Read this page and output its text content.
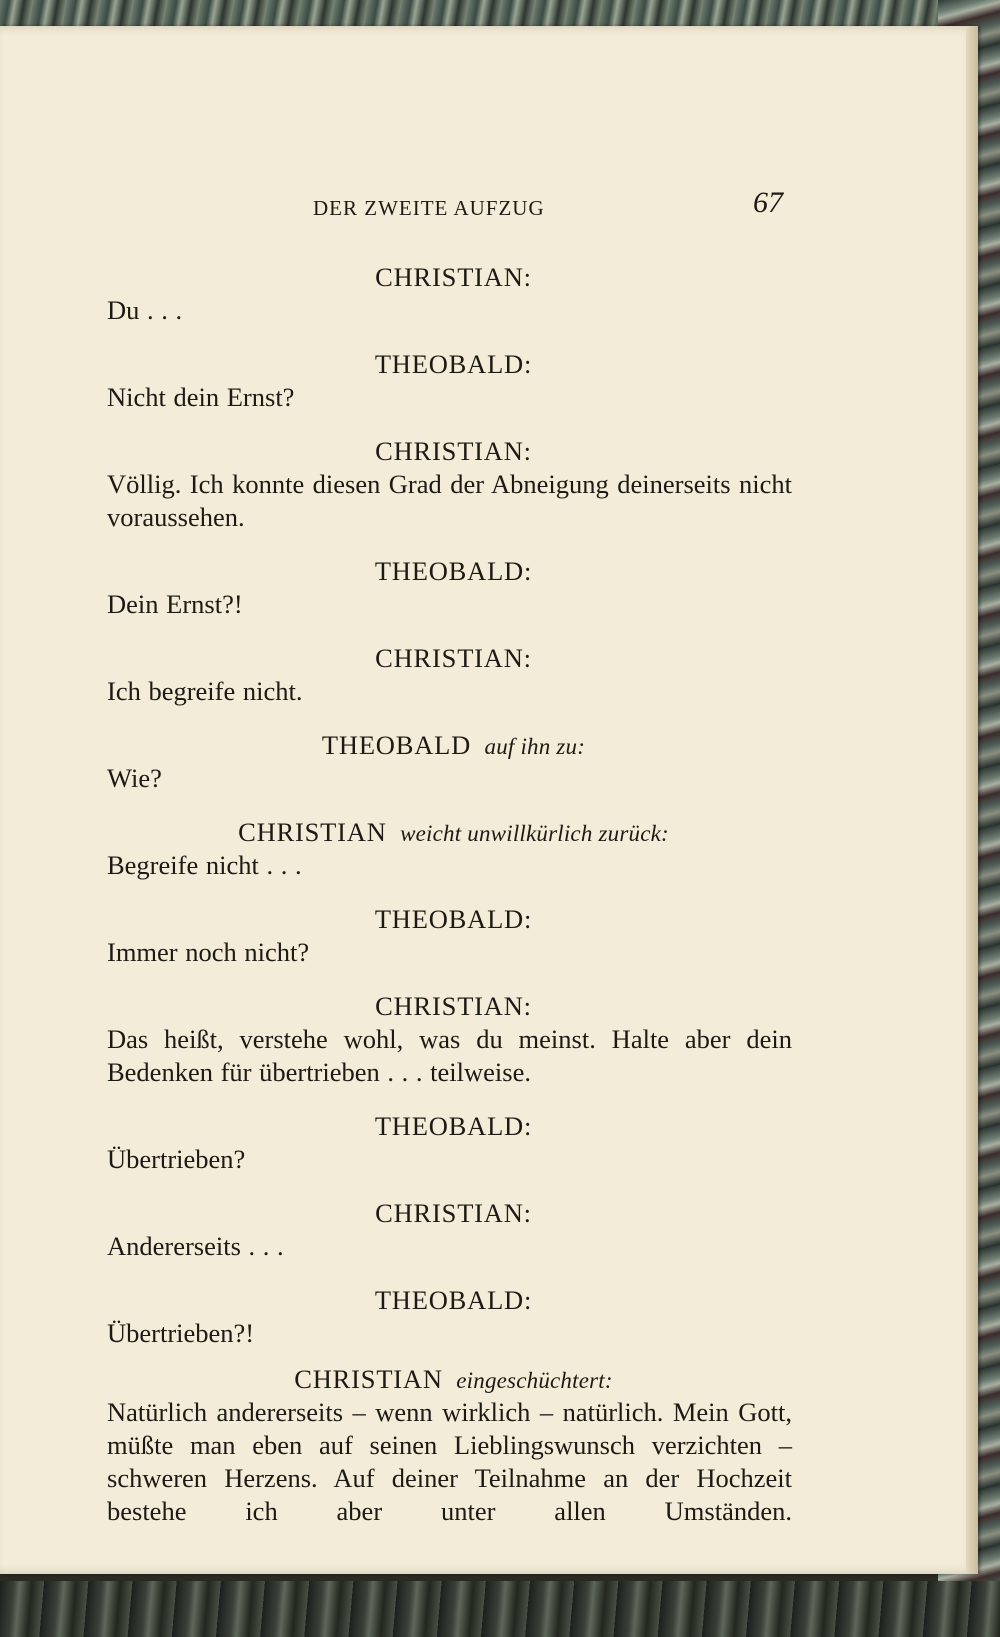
DER ZWEITE AUFZUG	67
CHRISTIAN:
Du . . .
THEOBALD:
Nicht dein Ernst?
CHRISTIAN:
Völlig. Ich konnte diesen Grad der Abneigung deinerseits nicht voraussehen.
THEOBALD:
Dein Ernst?!
CHRISTIAN:
Ich begreife nicht.
THEOBALD auf ihn zu:
Wie?
CHRISTIAN weicht unwillkürlich zurück:
Begreife nicht . . .
THEOBALD:
Immer noch nicht?
CHRISTIAN:
Das heißt, verstehe wohl, was du meinst. Halte aber dein Bedenken für übertrieben . . . teilweise.
THEOBALD:
Übertrieben?
CHRISTIAN:
Andererseits . . .
THEOBALD:
Übertrieben?!
CHRISTIAN eingeschüchtert:
Natürlich andererseits – wenn wirklich – natürlich. Mein Gott, müßte man eben auf seinen Lieblingswunsch verzichten – schweren Herzens. Auf deiner Teilnahme an der Hochzeit bestehe ich aber unter allen Umständen.
